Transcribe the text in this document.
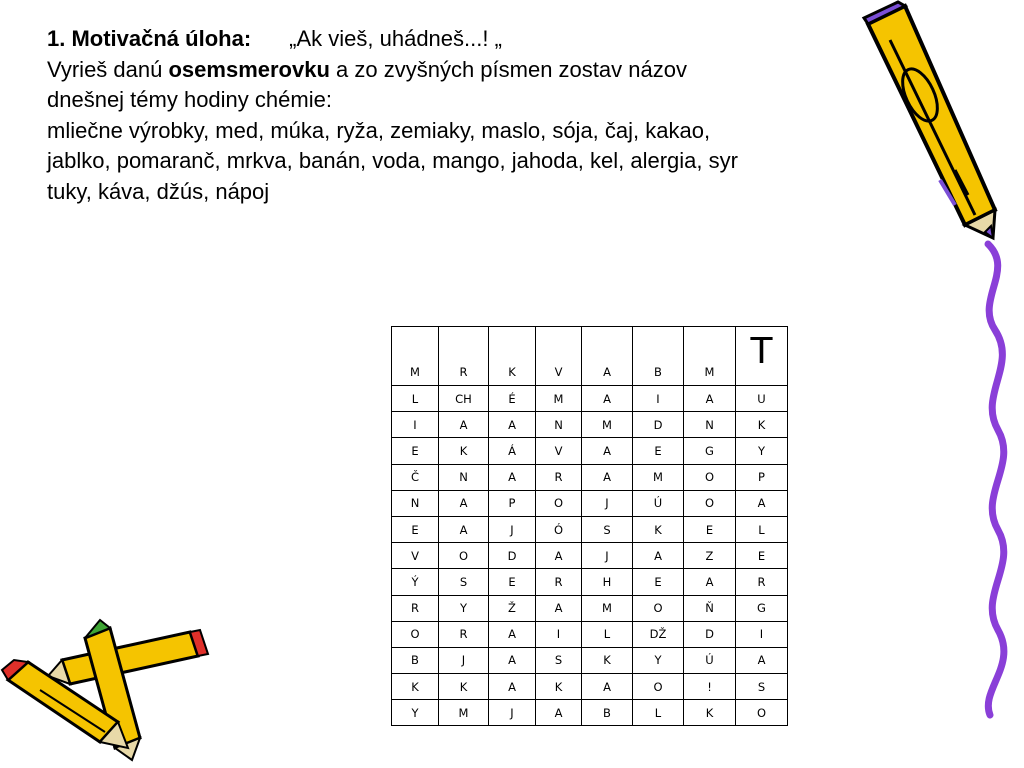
1. Motivačná úloha: „Ak vieš, uhádneš...! „
Vyrieš danú osemsmerovku a zo zvyšných písmen zostav názov
dnešnej témy hodiny chémie:
mliečne výrobky, med, múka, ryža, zemiaky, maslo, sója, čaj, kakao,
jablko, pomaranč, mrkva, banán, voda, mango, jahoda, kel, alergia, syr
tuky, káva, džús, nápoj
M	R	K	V	A	B	M	T
L	CH	É	M	A	I	A	U
I	A	A	N	M	D	N	K
E	K	Á	V	A	E	G	Y
Č	N	A	R	A	M	O	P
N	A	P	O	J	Ú	O	A
E	A	J	Ó	S	K	E	L
V	O	D	A	J	A	Z	E
Ý	S	E	R	H	E	A	R
R	Y	Ž	A	M	O	Ň	G
O	R	A	I	L	DŽ	D	I
B	J	A	S	K	Y	Ú	A
K	K	A	K	A	O	!	S
Y	M	J	A	B	L	K	O
